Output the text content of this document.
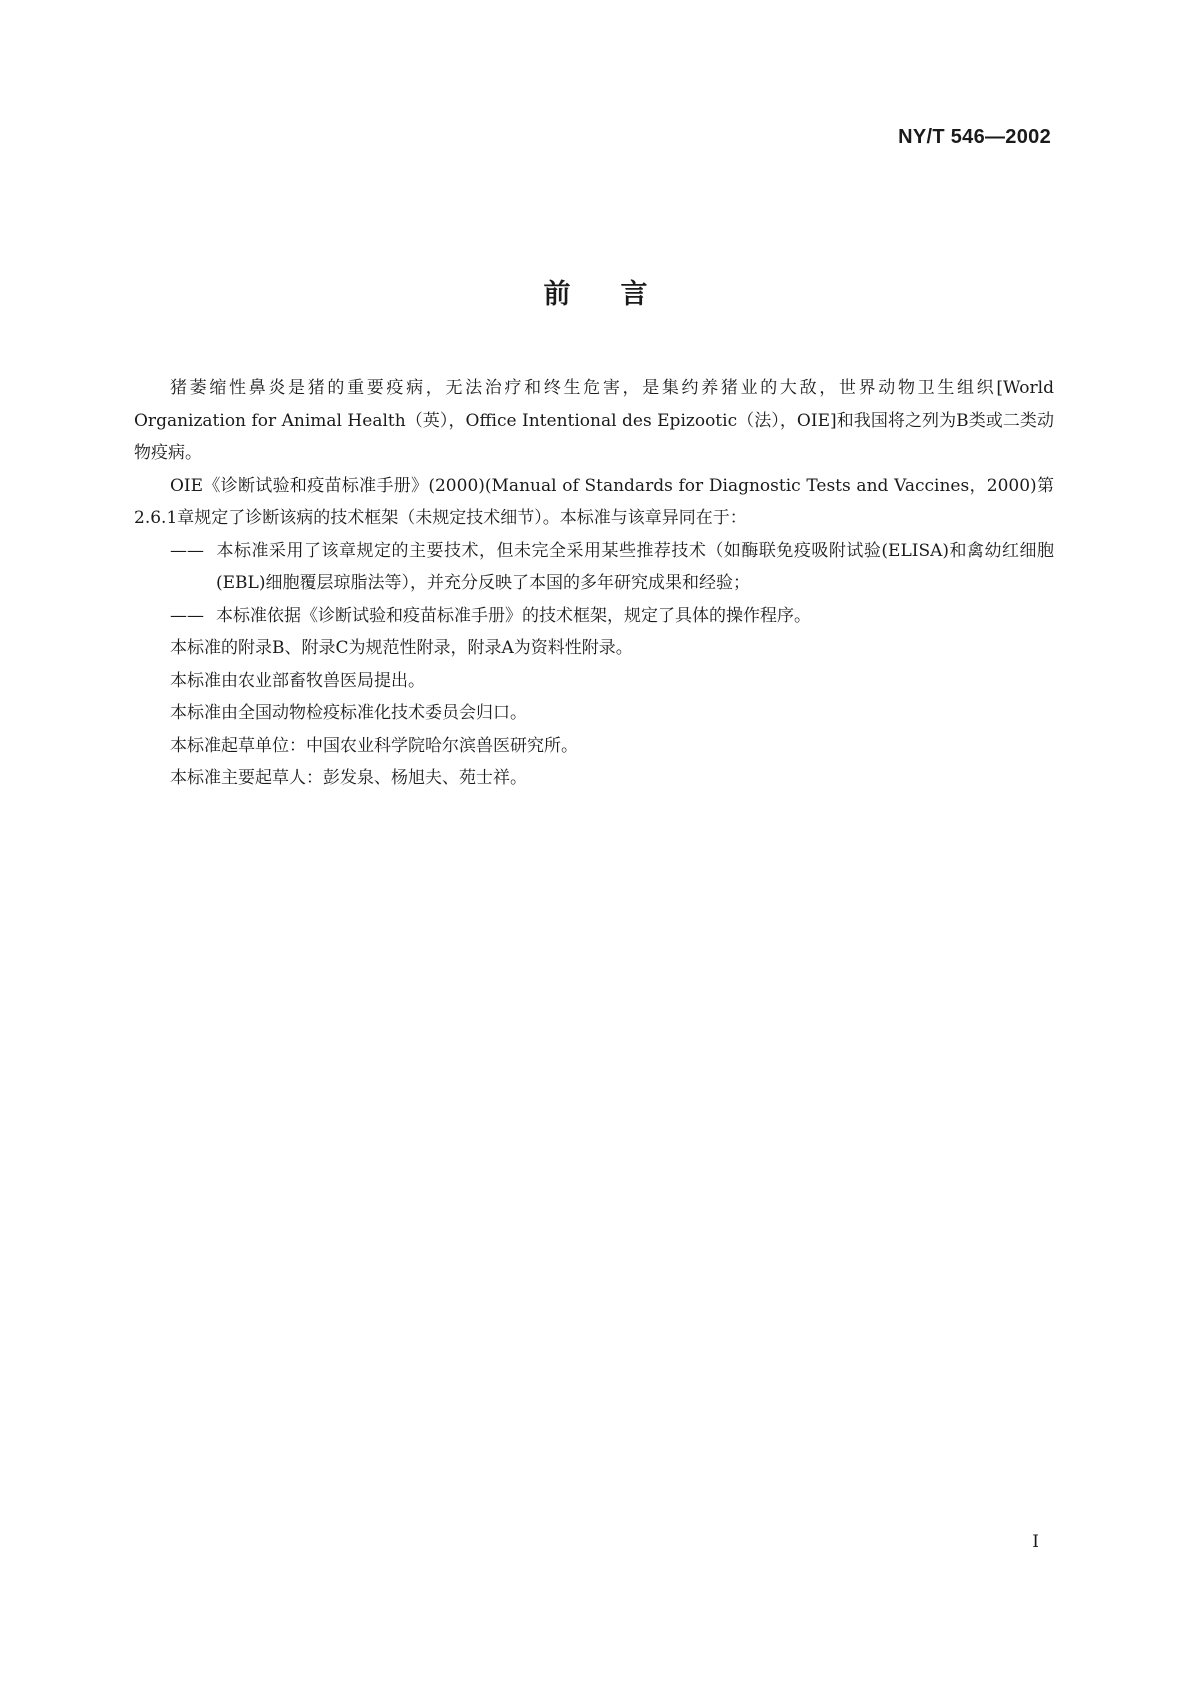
NY/T 546—2002
前言

猪萎缩性鼻炎是猪的重要疫病，无法治疗和终生危害，是集约养猪业的大敌，世界动物卫生组织[World Organization for Animal Health（英），Office Intentional des Epizootic（法），OIE]和我国将之列为B类或二类动物疫病。

OIE《诊断试验和疫苗标准手册》(2000)(Manual of Standards for Diagnostic Tests and Vaccines，2000)第2.6.1章规定了诊断该病的技术框架（未规定技术细节）。本标准与该章异同在于：

—— 本标准采用了该章规定的主要技术，但未完全采用某些推荐技术（如酶联免疫吸附试验(ELISA)和禽幼红细胞(EBL)细胞覆层琼脂法等），并充分反映了本国的多年研究成果和经验；

—— 本标准依据《诊断试验和疫苗标准手册》的技术框架，规定了具体的操作程序。

本标准的附录B、附录C为规范性附录，附录A为资料性附录。

本标准由农业部畜牧兽医局提出。

本标准由全国动物检疫标准化技术委员会归口。

本标准起草单位：中国农业科学院哈尔滨兽医研究所。

本标准主要起草人：彭发泉、杨旭夫、苑士祥。

I
